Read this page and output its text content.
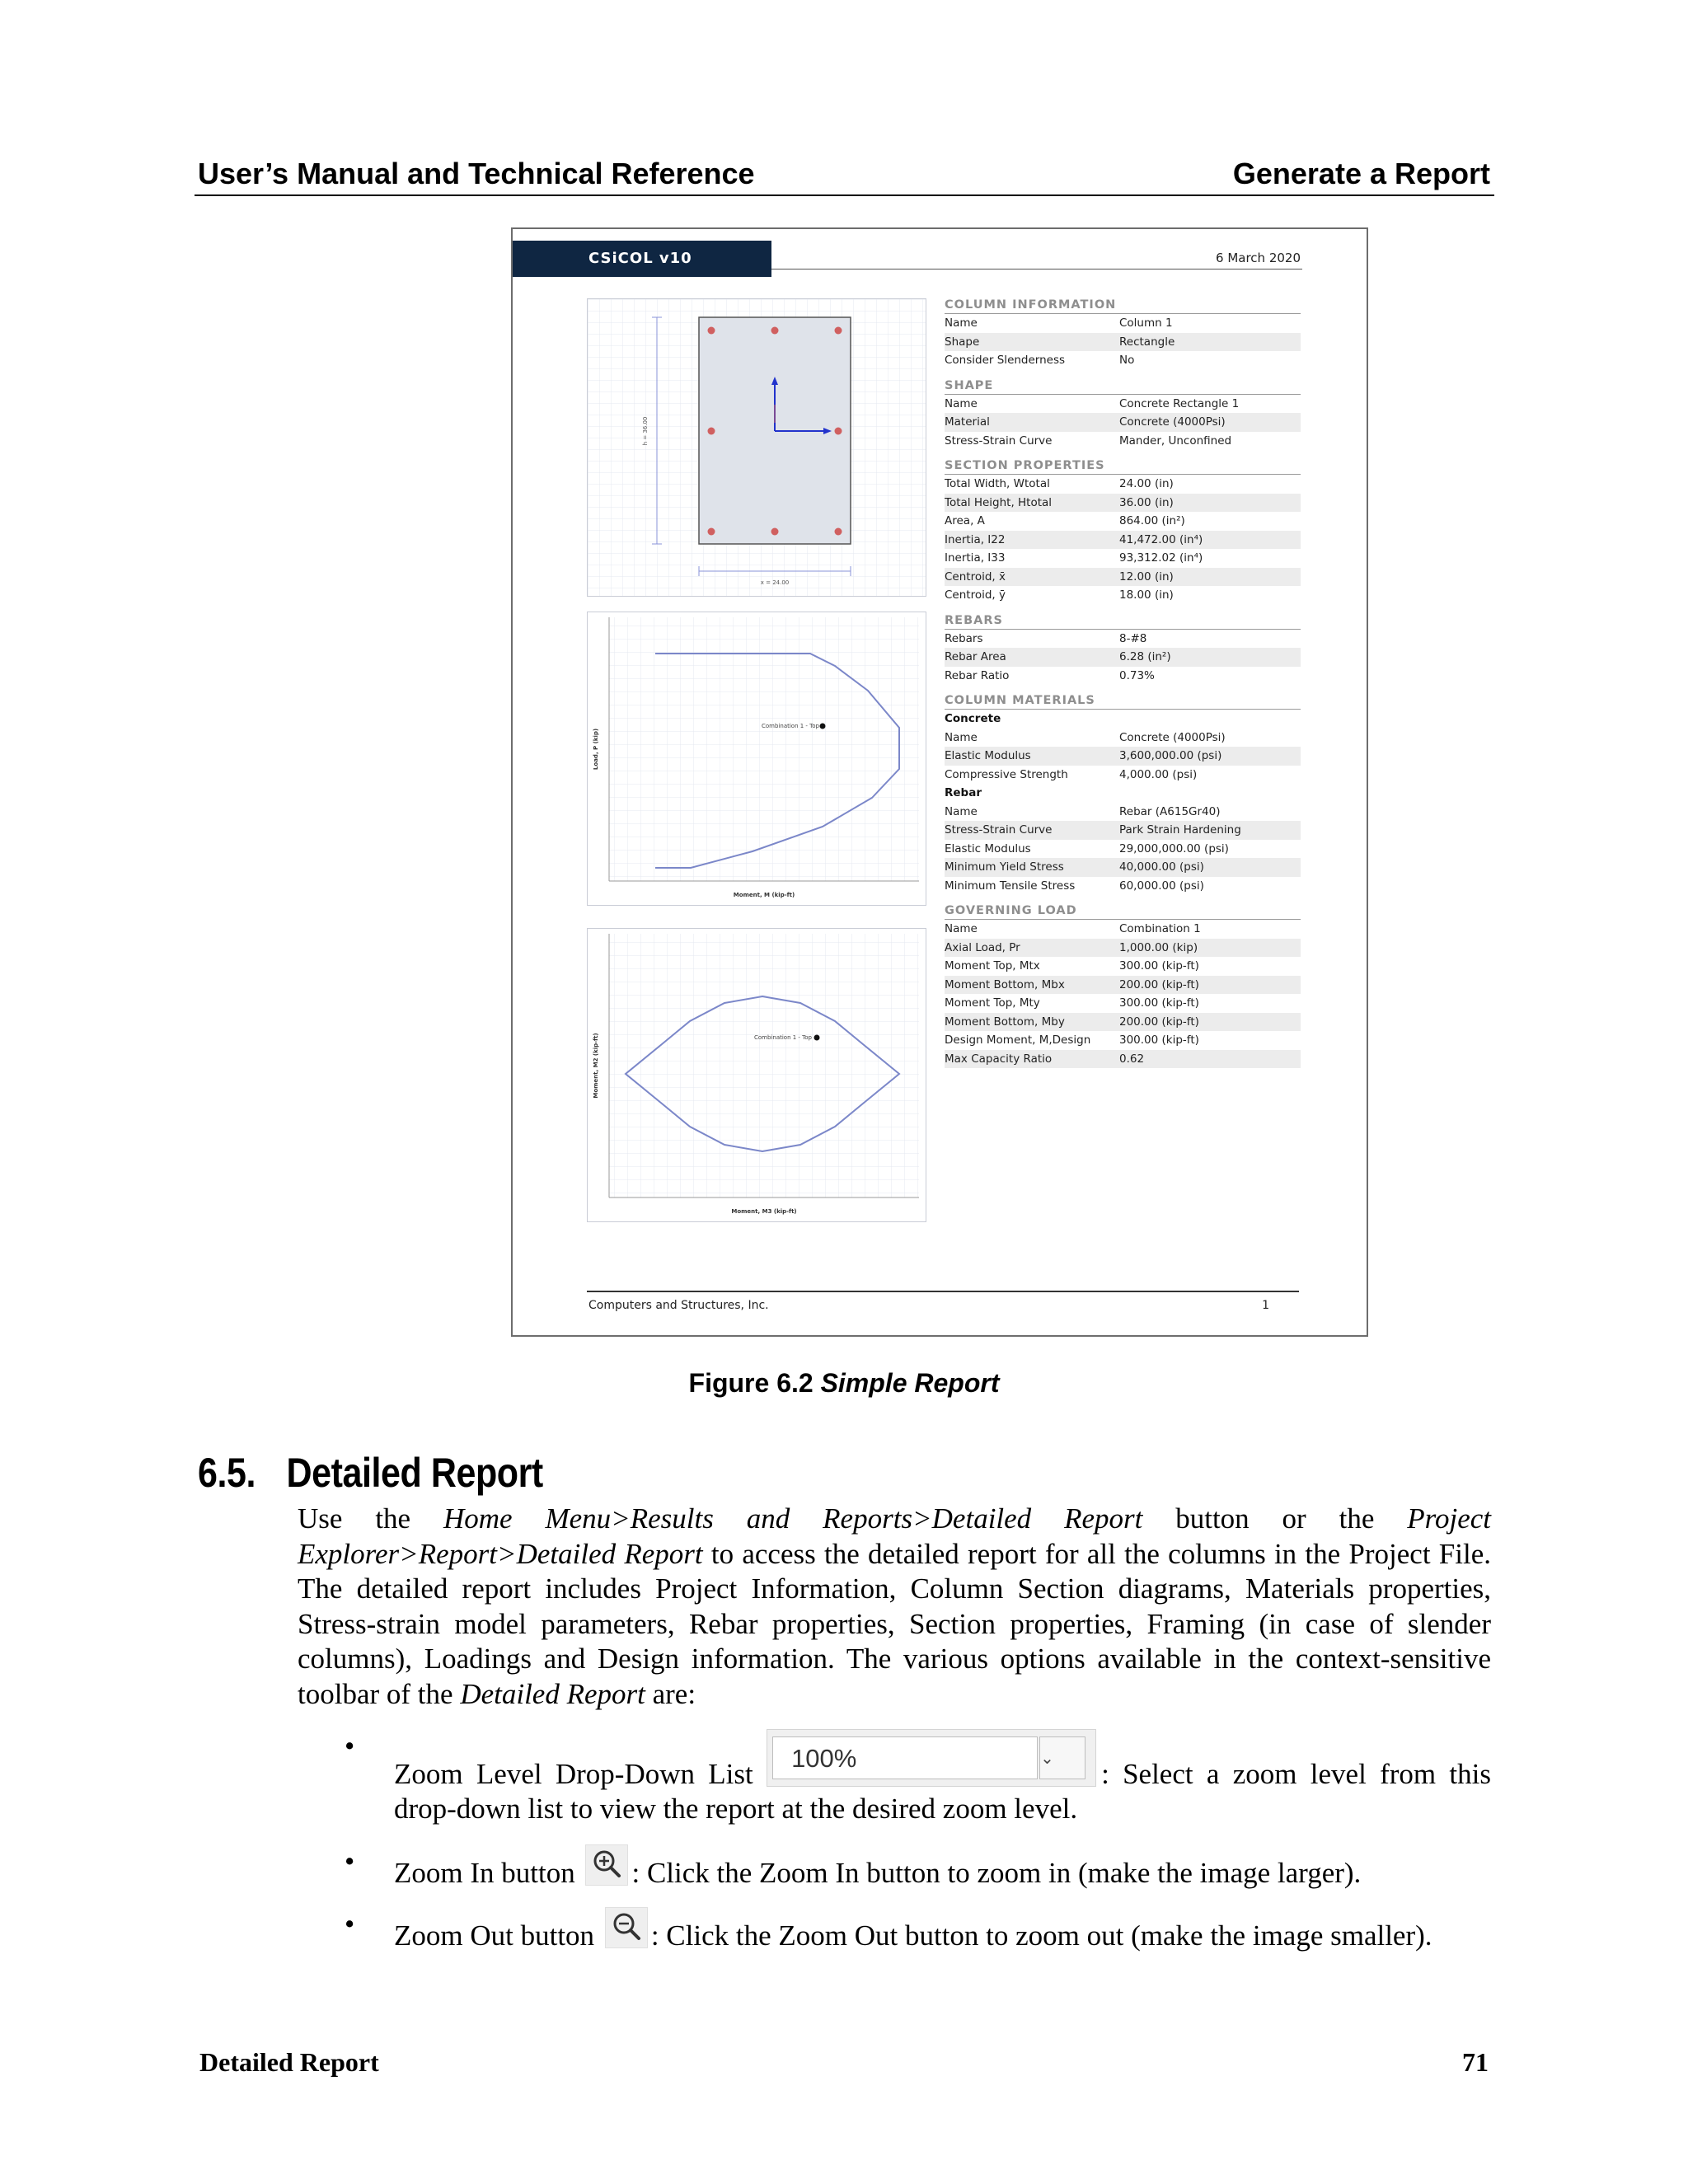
User’s Manual and Technical Reference	Generate a Report
CSiCOL v10	6 March 2020
x = 24.00
h = 36.00
Combination 1 - Top
Moment, M (kip-ft)
Load, P (kip)
Combination 1 - Top
Moment, M3 (kip-ft)
Moment, M2 (kip-ft)
COLUMN INFORMATION
Name	Column 1
Shape	Rectangle
Consider Slenderness	No
SHAPE
Name	Concrete Rectangle 1
Material	Concrete (4000Psi)
Stress-Strain Curve	Mander, Unconfined
SECTION PROPERTIES
Total Width, Wtotal	24.00 (in)
Total Height, Htotal	36.00 (in)
Area, A	864.00 (in²)
Inertia, I22	41,472.00 (in⁴)
Inertia, I33	93,312.02 (in⁴)
Centroid, x̄	12.00 (in)
Centroid, ȳ	18.00 (in)
REBARS
Rebars	8-#8
Rebar Area	6.28 (in²)
Rebar Ratio	0.73%
COLUMN MATERIALS
Concrete
Name	Concrete (4000Psi)
Elastic Modulus	3,600,000.00 (psi)
Compressive Strength	4,000.00 (psi)
Rebar
Name	Rebar (A615Gr40)
Stress-Strain Curve	Park Strain Hardening
Elastic Modulus	29,000,000.00 (psi)
Minimum Yield Stress	40,000.00 (psi)
Minimum Tensile Stress	60,000.00 (psi)
GOVERNING LOAD
Name	Combination 1
Axial Load, Pr	1,000.00 (kip)
Moment Top, Mtx	300.00 (kip-ft)
Moment Bottom, Mbx	200.00 (kip-ft)
Moment Top, Mty	300.00 (kip-ft)
Moment Bottom, Mby	200.00 (kip-ft)
Design Moment, M,Design	300.00 (kip-ft)
Max Capacity Ratio	0.62
Computers and Structures, Inc.	1
Figure 6.2 Simple Report
6.5. Detailed Report
Use the Home Menu>Results and Reports>Detailed Report button or the Project Explorer>Report>Detailed Report to access the detailed report for all the columns in the Project File. The detailed report includes Project Information, Column Section diagrams, Materials properties, Stress-strain model parameters, Rebar properties, Section properties, Framing (in case of slender columns), Loadings and Design information. The various options available in the context-sensitive toolbar of the Detailed Report are:
•
Zoom Level Drop-Down List	100%	⌄	: Select a zoom level from this drop-down list to view the report at the desired zoom level.
• Zoom In button : Click the Zoom In button to zoom in (make the image larger).
• Zoom Out button : Click the Zoom Out button to zoom out (make the image smaller).
Detailed Report	71
